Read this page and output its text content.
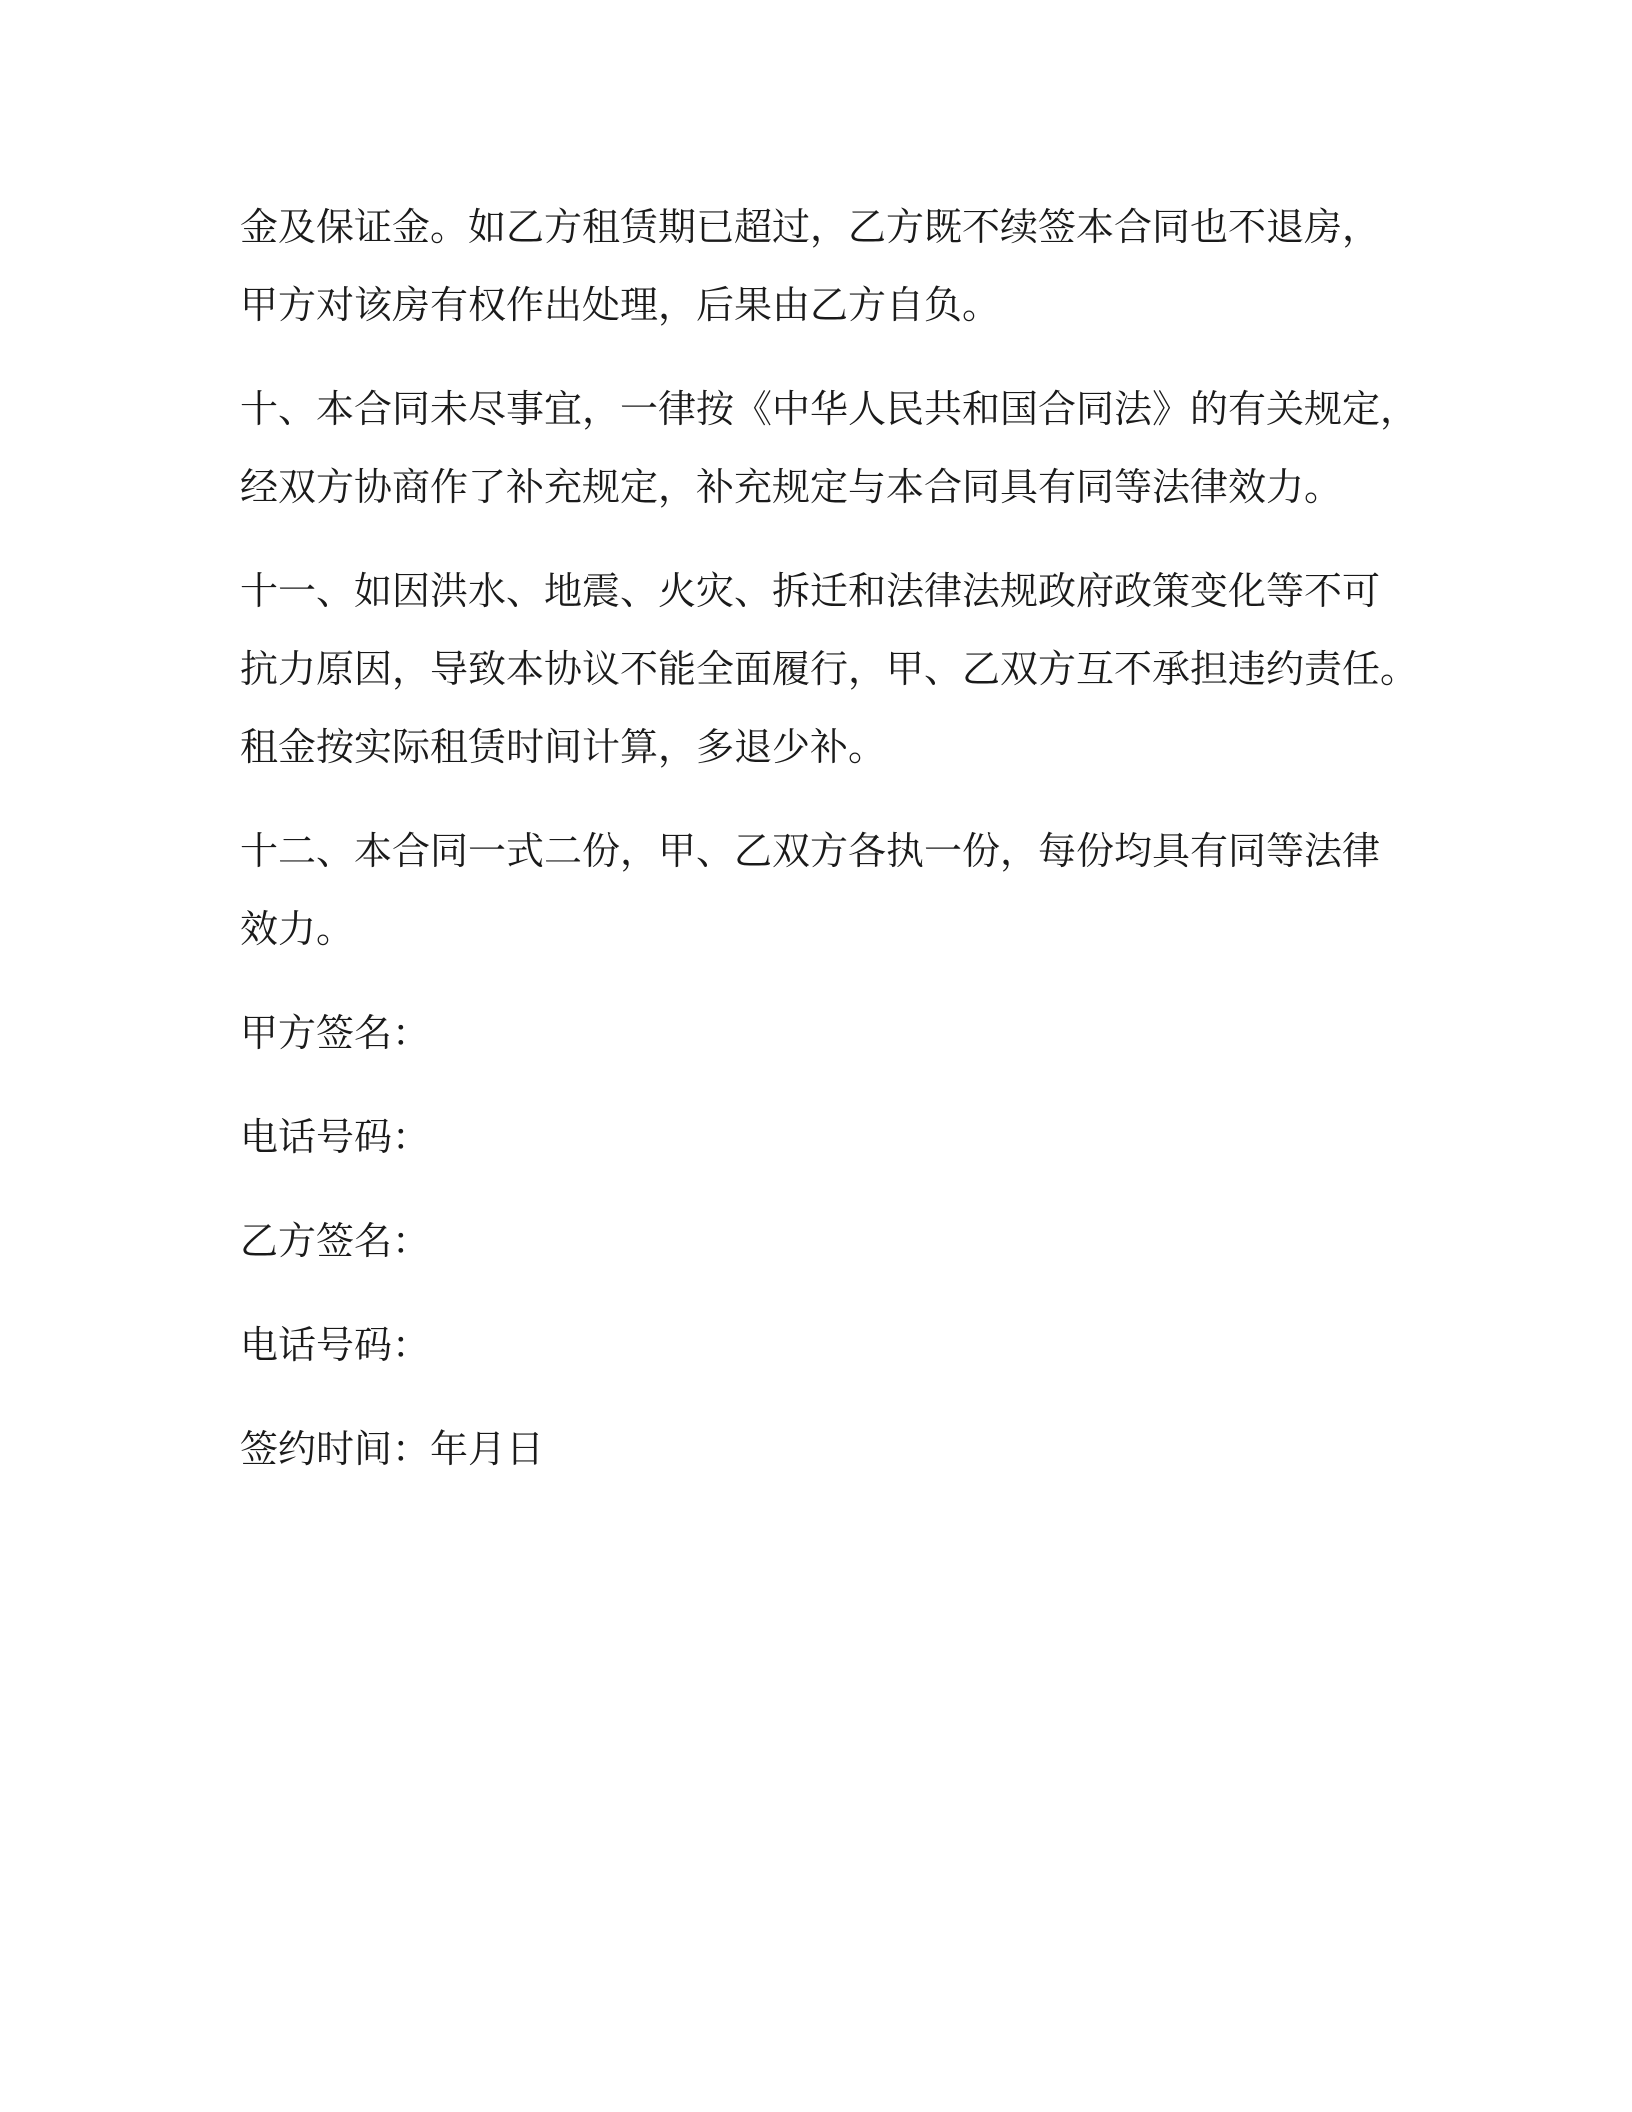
金及保证金。如乙方租赁期已超过，乙方既不续签本合同也不退房，
甲方对该房有权作出处理，后果由乙方自负。
十、本合同未尽事宜，一律按《中华人民共和国合同法》的有关规定，
经双方协商作了补充规定，补充规定与本合同具有同等法律效力。
十一、如因洪水、地震、火灾、拆迁和法律法规政府政策变化等不可
抗力原因，导致本协议不能全面履行，甲、乙双方互不承担违约责任。
租金按实际租赁时间计算，多退少补。
十二、本合同一式二份，甲、乙双方各执一份，每份均具有同等法律
效力。
甲方签名：
电话号码：
乙方签名：
电话号码：
签约时间：年月日
